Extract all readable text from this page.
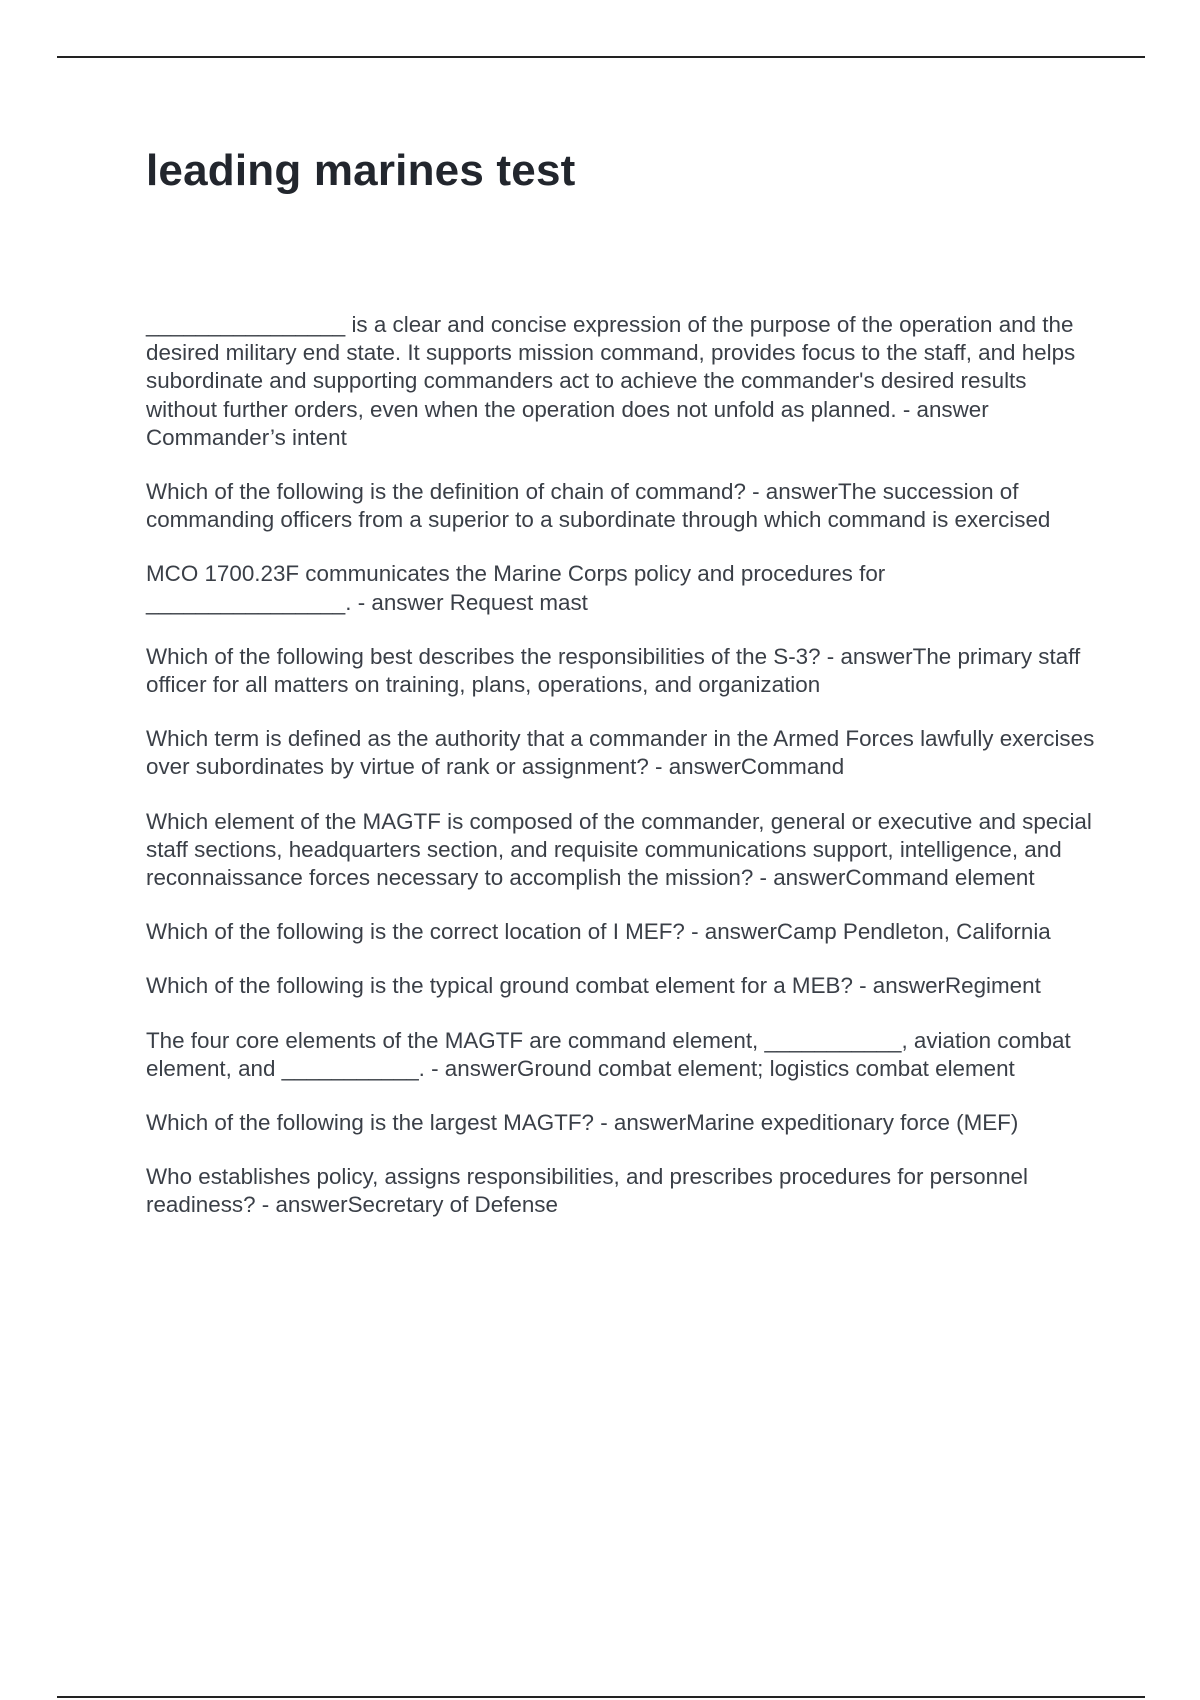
leading marines test
________________ is a clear and concise expression of the purpose of the operation and the desired military end state. It supports mission command, provides focus to the staff, and helps subordinate and supporting commanders act to achieve the commander's desired results without further orders, even when the operation does not unfold as planned. - answer Commander’s intent
Which of the following is the definition of chain of command? - answerThe succession of commanding officers from a superior to a subordinate through which command is exercised
MCO 1700.23F communicates the Marine Corps policy and procedures for ________________. - answer Request mast
Which of the following best describes the responsibilities of the S-3? - answerThe primary staff officer for all matters on training, plans, operations, and organization
Which term is defined as the authority that a commander in the Armed Forces lawfully exercises over subordinates by virtue of rank or assignment? - answerCommand
Which element of the MAGTF is composed of the commander, general or executive and special staff sections, headquarters section, and requisite communications support, intelligence, and reconnaissance forces necessary to accomplish the mission? - answerCommand element
Which of the following is the correct location of I MEF? - answerCamp Pendleton, California
Which of the following is the typical ground combat element for a MEB? - answerRegiment
The four core elements of the MAGTF are command element, ___________, aviation combat element, and ___________. - answerGround combat element; logistics combat element
Which of the following is the largest MAGTF? - answerMarine expeditionary force (MEF)
Who establishes policy, assigns responsibilities, and prescribes procedures for personnel readiness? - answerSecretary of Defense
